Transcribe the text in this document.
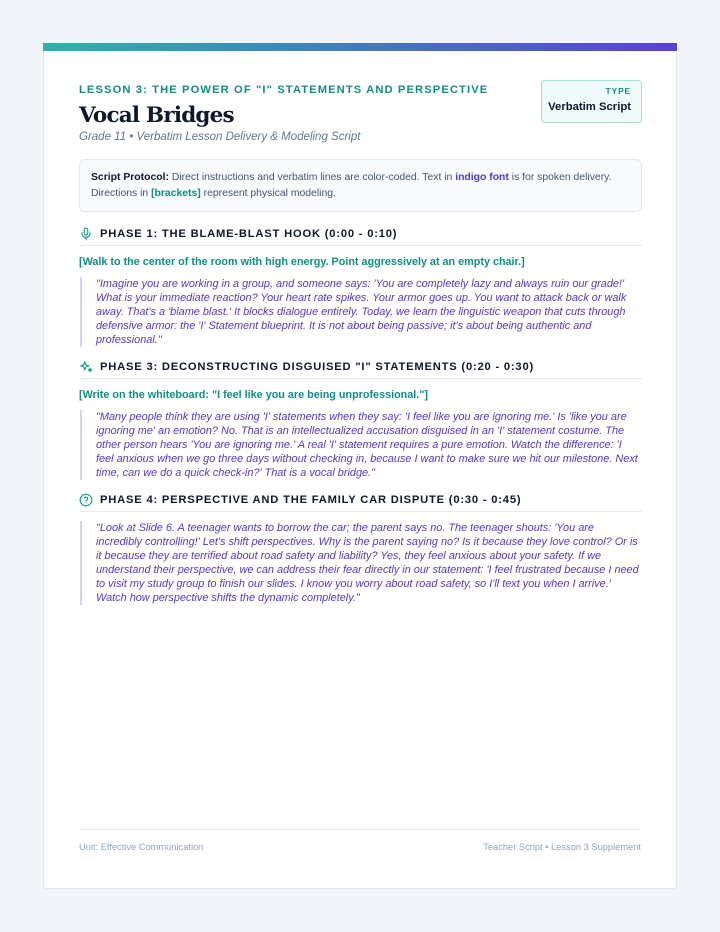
LESSON 3: THE POWER OF "I" STATEMENTS AND PERSPECTIVE
Vocal Bridges
Grade 11 • Verbatim Lesson Delivery & Modeling Script
TYPE
Verbatim Script
Script Protocol: Direct instructions and verbatim lines are color-coded. Text in indigo font is for spoken delivery. Directions in [brackets] represent physical modeling.
PHASE 1: THE BLAME-BLAST HOOK (0:00 - 0:10)
[Walk to the center of the room with high energy. Point aggressively at an empty chair.]
"Imagine you are working in a group, and someone says: 'You are completely lazy and always ruin our grade!' What is your immediate reaction? Your heart rate spikes. Your armor goes up. You want to attack back or walk away. That's a 'blame blast.' It blocks dialogue entirely. Today, we learn the linguistic weapon that cuts through defensive armor: the 'I' Statement blueprint. It is not about being passive; it's about being authentic and professional."
PHASE 3: DECONSTRUCTING DISGUISED "I" STATEMENTS (0:20 - 0:30)
[Write on the whiteboard: "I feel like you are being unprofessional."]
"Many people think they are using 'I' statements when they say: 'I feel like you are ignoring me.' Is 'like you are ignoring me' an emotion? No. That is an intellectualized accusation disguised in an 'I' statement costume. The other person hears 'You are ignoring me.' A real 'I' statement requires a pure emotion. Watch the difference: 'I feel anxious when we go three days without checking in, because I want to make sure we hit our milestone. Next time, can we do a quick check-in?' That is a vocal bridge."
PHASE 4: PERSPECTIVE AND THE FAMILY CAR DISPUTE (0:30 - 0:45)
"Look at Slide 6. A teenager wants to borrow the car; the parent says no. The teenager shouts: 'You are incredibly controlling!' Let's shift perspectives. Why is the parent saying no? Is it because they love control? Or is it because they are terrified about road safety and liability? Yes, they feel anxious about your safety. If we understand their perspective, we can address their fear directly in our statement: 'I feel frustrated because I need to visit my study group to finish our slides. I know you worry about road safety, so I'll text you when I arrive.' Watch how perspective shifts the dynamic completely."
Unit: Effective Communication	Teacher Script • Lesson 3 Supplement
